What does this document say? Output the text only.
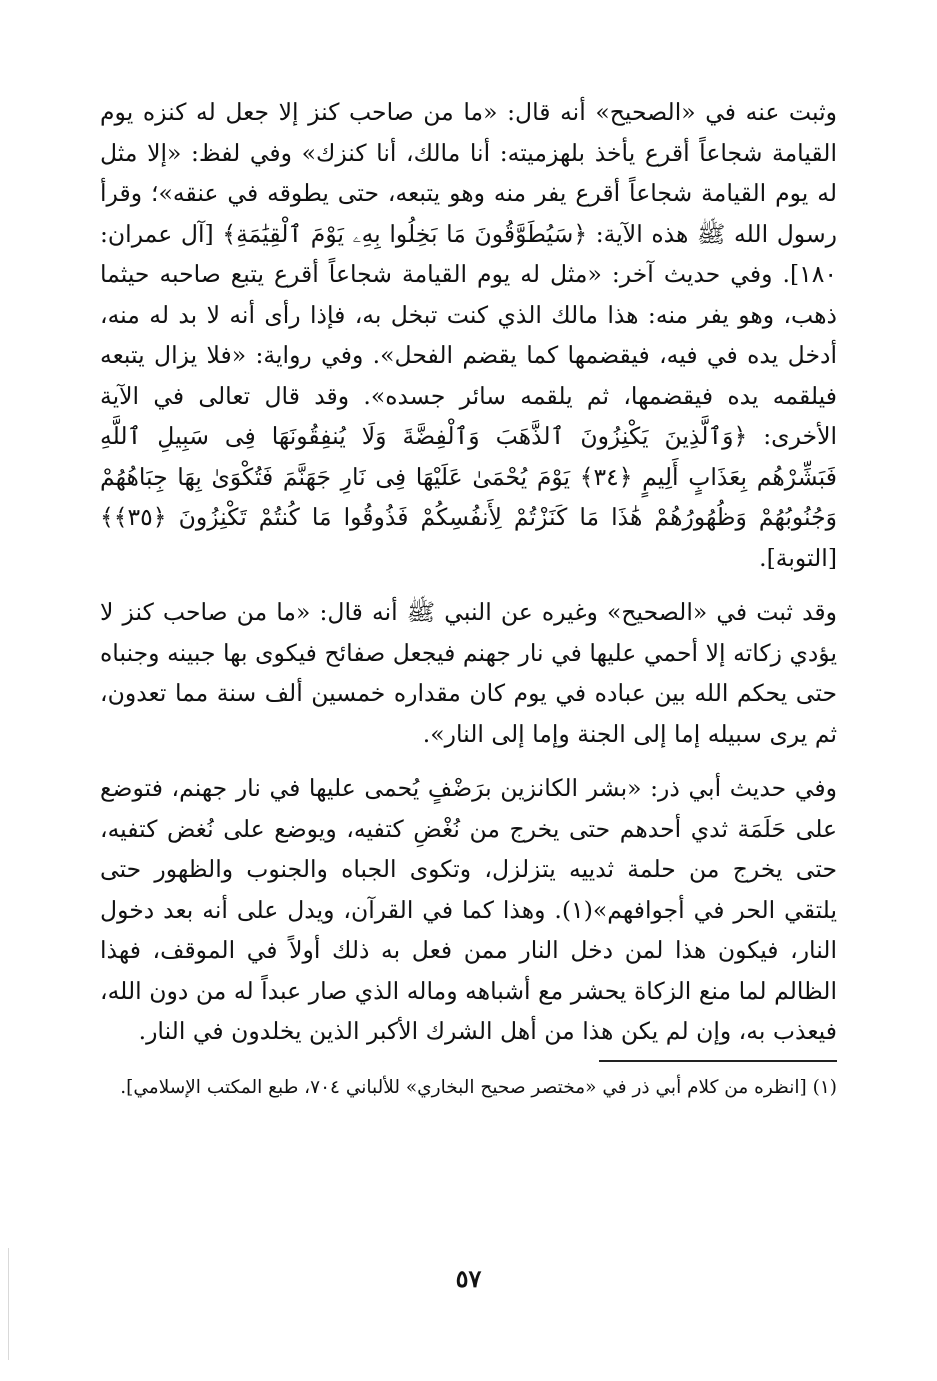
وثبت عنه في «الصحيح» أنه قال: «ما من صاحب كنز إلا جعل له كنزه يوم القيامة شجاعاً أقرع يأخذ بلهزميته: أنا مالك، أنا كنزك» وفي لفظ: «إلا مثل له يوم القيامة شجاعاً أقرع يفر منه وهو يتبعه، حتى يطوقه في عنقه»؛ وقرأ رسول الله ﷺ هذه الآية: ﴿سَيُطَوَّقُونَ مَا بَخِلُوا بِهِۦ يَوْمَ ٱلْقِيَٰمَةِ﴾ [آل عمران: ١٨٠]. وفي حديث آخر: «مثل له يوم القيامة شجاعاً أقرع يتبع صاحبه حيثما ذهب، وهو يفر منه: هذا مالك الذي كنت تبخل به، فإذا رأى أنه لا بد له منه، أدخل يده في فيه، فيقضمها كما يقضم الفحل». وفي رواية: «فلا يزال يتبعه فيلقمه يده فيقضمها، ثم يلقمه سائر جسده». وقد قال تعالى في الآية الأخرى: ﴿وَٱلَّذِينَ يَكْنِزُونَ ٱلذَّهَبَ وَٱلْفِضَّةَ وَلَا يُنفِقُونَهَا فِى سَبِيلِ ٱللَّهِ فَبَشِّرْهُم بِعَذَابٍ أَلِيمٍ ﴿٣٤﴾ يَوْمَ يُحْمَىٰ عَلَيْهَا فِى نَارِ جَهَنَّمَ فَتُكْوَىٰ بِهَا جِبَاهُهُمْ وَجُنُوبُهُمْ وَظُهُورُهُمْ هَٰذَا مَا كَنَزْتُمْ لِأَنفُسِكُمْ فَذُوقُوا مَا كُنتُمْ تَكْنِزُونَ ﴿٣٥﴾﴾ [التوبة].

وقد ثبت في «الصحيح» وغيره عن النبي ﷺ أنه قال: «ما من صاحب كنز لا يؤدي زكاته إلا أحمي عليها في نار جهنم فيجعل صفائح فيكوى بها جبينه وجنباه حتى يحكم الله بين عباده في يوم كان مقداره خمسين ألف سنة مما تعدون، ثم يرى سبيله إما إلى الجنة وإما إلى النار».

وفي حديث أبي ذر: «بشر الكانزين برَضْفٍ يُحمى عليها في نار جهنم، فتوضع على حَلَمَة ثدي أحدهم حتى يخرج من نُغْضِ كتفيه، ويوضع على نُغض كتفيه، حتى يخرج من حلمة ثدييه يتزلزل، وتكوى الجباه والجنوب والظهور حتى يلتقي الحر في أجوافهم»(١). وهذا كما في القرآن، ويدل على أنه بعد دخول النار، فيكون هذا لمن دخل النار ممن فعل به ذلك أولاً في الموقف، فهذا الظالم لما منع الزكاة يحشر مع أشباهه وماله الذي صار عبداً له من دون الله، فيعذب به، وإن لم يكن هذا من أهل الشرك الأكبر الذين يخلدون في النار.

(١) [انظره من كلام أبي ذر في «مختصر صحيح البخاري» للألباني ٧٠٤، طبع المكتب الإسلامي].

٥٧
